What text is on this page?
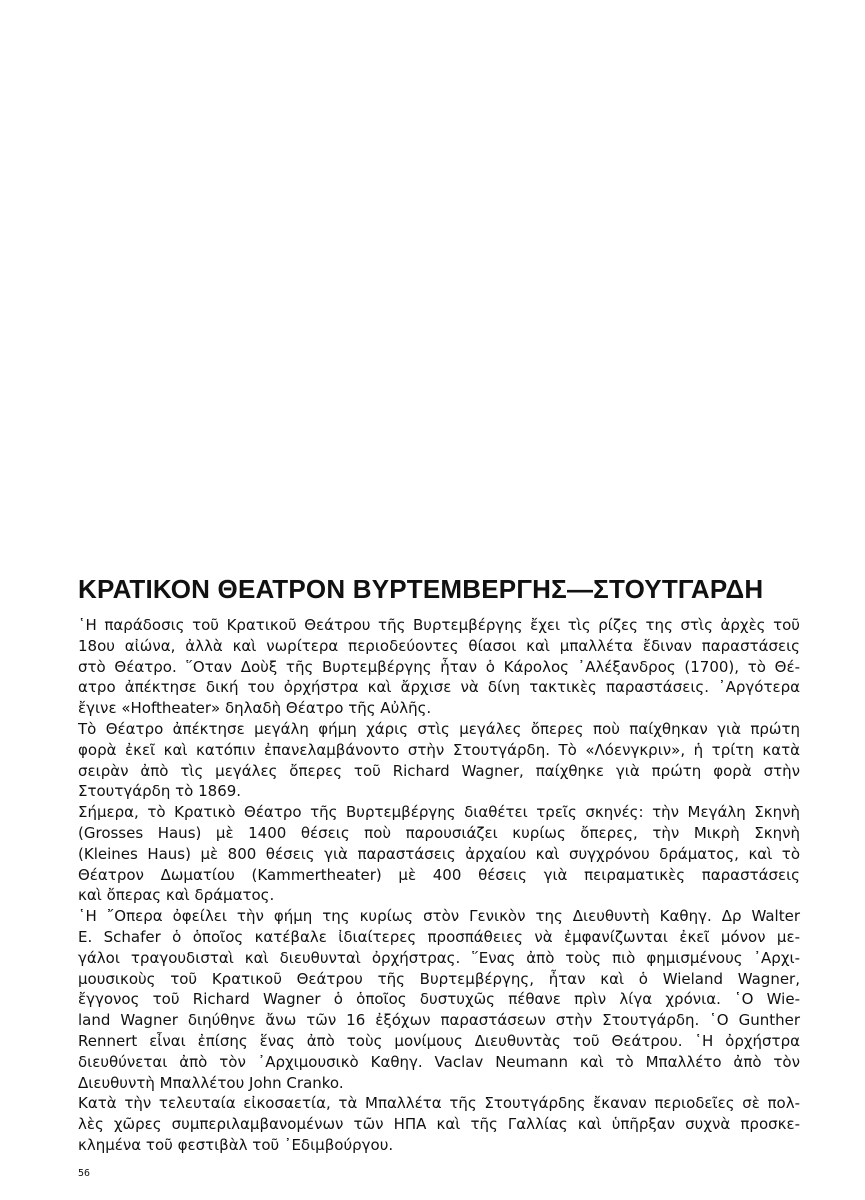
ΚΡΑΤΙΚΟΝ ΘΕΑΤΡΟΝ ΒΥΡΤΕΜΒΕΡΓΗΣ—ΣΤΟΥΤΓΑΡΔΗ
῾Η παράδοσις τοῦ Κρατικοῦ Θεάτρου τῆς Βυρτεμβέργης ἔχει τὶς ρίζες της στὶς ἀρχὲς τοῦ
18ου αἰώνα, ἀλλὰ καὶ νωρίτερα περιοδεύοντες θίασοι καὶ μπαλλέτα ἔδιναν παραστάσεις
στὸ Θέατρο. ῞Οταν Δοὺξ τῆς Βυρτεμβέργης ἦταν ὁ Κάρολος ᾿Αλέξανδρος (1700), τὸ Θέ-
ατρο ἀπέκτησε δική του ὀρχήστρα καὶ ἄρχισε νὰ δίνη τακτικὲς παραστάσεις. ᾿Αργότερα
ἔγινε «Hoftheater» δηλαδὴ Θέατρο τῆς Αὐλῆς.
Τὸ Θέατρο ἀπέκτησε μεγάλη φήμη χάρις στὶς μεγάλες ὄπερες ποὺ παίχθηκαν γιὰ πρώτη
φορὰ ἐκεῖ καὶ κατόπιν ἐπανελαμβάνοντο στὴν Στουτγάρδη. Τὸ «Λόενγκριν», ἡ τρίτη κατὰ
σειρὰν ἀπὸ τὶς μεγάλες ὄπερες τοῦ Richard Wagner, παίχθηκε γιὰ πρώτη φορὰ στὴν
Στουτγάρδη τὸ 1869.
Σήμερα, τὸ Κρατικὸ Θέατρο τῆς Βυρτεμβέργης διαθέτει τρεῖς σκηνές: τὴν Μεγάλη Σκηνὴ
(Grosses Haus) μὲ 1400 θέσεις ποὺ παρουσιάζει κυρίως ὄπερες, τὴν Μικρὴ Σκηνὴ
(Kleines Haus) μὲ 800 θέσεις γιὰ παραστάσεις ἀρχαίου καὶ συγχρόνου δράματος, καὶ τὸ
Θέατρον Δωματίου (Kammertheater) μὲ 400 θέσεις γιὰ πειραματικὲς παραστάσεις
καὶ ὄπερας καὶ δράματος.
῾Η ῎Οπερα ὀφείλει τὴν φήμη της κυρίως στὸν Γενικὸν της Διευθυντὴ Καθηγ. Δρ Walter
E. Schafer ὁ ὁποῖος κατέβαλε ἰδιαίτερες προσπάθειες νὰ ἐμφανίζωνται ἐκεῖ μόνον με-
γάλοι τραγουδισταὶ καὶ διευθυνταὶ ὀρχήστρας. ῞Ενας ἀπὸ τοὺς πιὸ φημισμένους ᾿Αρχι-
μουσικοὺς τοῦ Κρατικοῦ Θεάτρου τῆς Βυρτεμβέργης, ἦταν καὶ ὁ Wieland Wagner,
ἔγγονος τοῦ Richard Wagner ὁ ὁποῖος δυστυχῶς πέθανε πρὶν λίγα χρόνια. ῾Ο Wie-
land Wagner διηύθηνε ἄνω τῶν 16 ἐξόχων παραστάσεων στὴν Στουτγάρδη. ῾Ο Gunther
Rennert εἶναι ἐπίσης ἕνας ἀπὸ τοὺς μονίμους Διευθυντὰς τοῦ Θεάτρου. ῾Η ὀρχήστρα
διευθύνεται ἀπὸ τὸν ᾿Αρχιμουσικὸ Καθηγ. Vaclav Neumann καὶ τὸ Μπαλλέτο ἀπὸ τὸν
Διευθυντὴ Μπαλλέτου John Cranko.
Κατὰ τὴν τελευταία εἰκοσαετία, τὰ Μπαλλέτα τῆς Στουτγάρδης ἔκαναν περιοδεῖες σὲ πολ-
λὲς χῶρες συμπεριλαμβανομένων τῶν ΗΠΑ καὶ τῆς Γαλλίας καὶ ὑπῆρξαν συχνὰ προσκε-
κλημένα τοῦ φεστιβὰλ τοῦ ᾿Εδιμβούργου.
56
